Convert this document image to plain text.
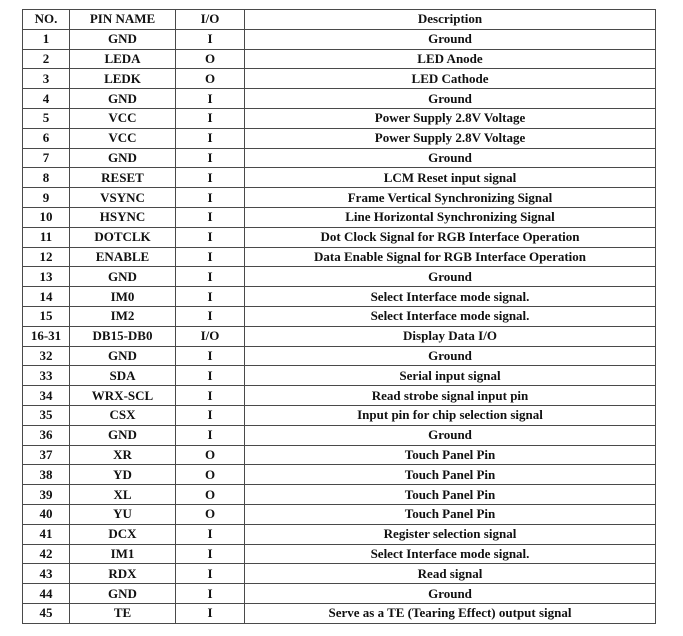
NO.	PIN NAME	I/O	Description
1	GND	I	Ground
2	LEDA	O	LED Anode
3	LEDK	O	LED Cathode
4	GND	I	Ground
5	VCC	I	Power Supply 2.8V Voltage
6	VCC	I	Power Supply 2.8V Voltage
7	GND	I	Ground
8	RESET	I	LCM Reset input signal
9	VSYNC	I	Frame Vertical Synchronizing Signal
10	HSYNC	I	Line Horizontal Synchronizing Signal
11	DOTCLK	I	Dot Clock Signal for RGB Interface Operation
12	ENABLE	I	Data Enable Signal for RGB Interface Operation
13	GND	I	Ground
14	IM0	I	Select Interface mode signal.
15	IM2	I	Select Interface mode signal.
16-31	DB15-DB0	I/O	Display Data I/O
32	GND	I	Ground
33	SDA	I	Serial input signal
34	WRX-SCL	I	Read strobe signal input pin
35	CSX	I	Input pin for chip selection signal
36	GND	I	Ground
37	XR	O	Touch Panel Pin
38	YD	O	Touch Panel Pin
39	XL	O	Touch Panel Pin
40	YU	O	Touch Panel Pin
41	DCX	I	Register selection signal
42	IM1	I	Select Interface mode signal.
43	RDX	I	Read signal
44	GND	I	Ground
45	TE	I	Serve as a TE (Tearing Effect) output signal
